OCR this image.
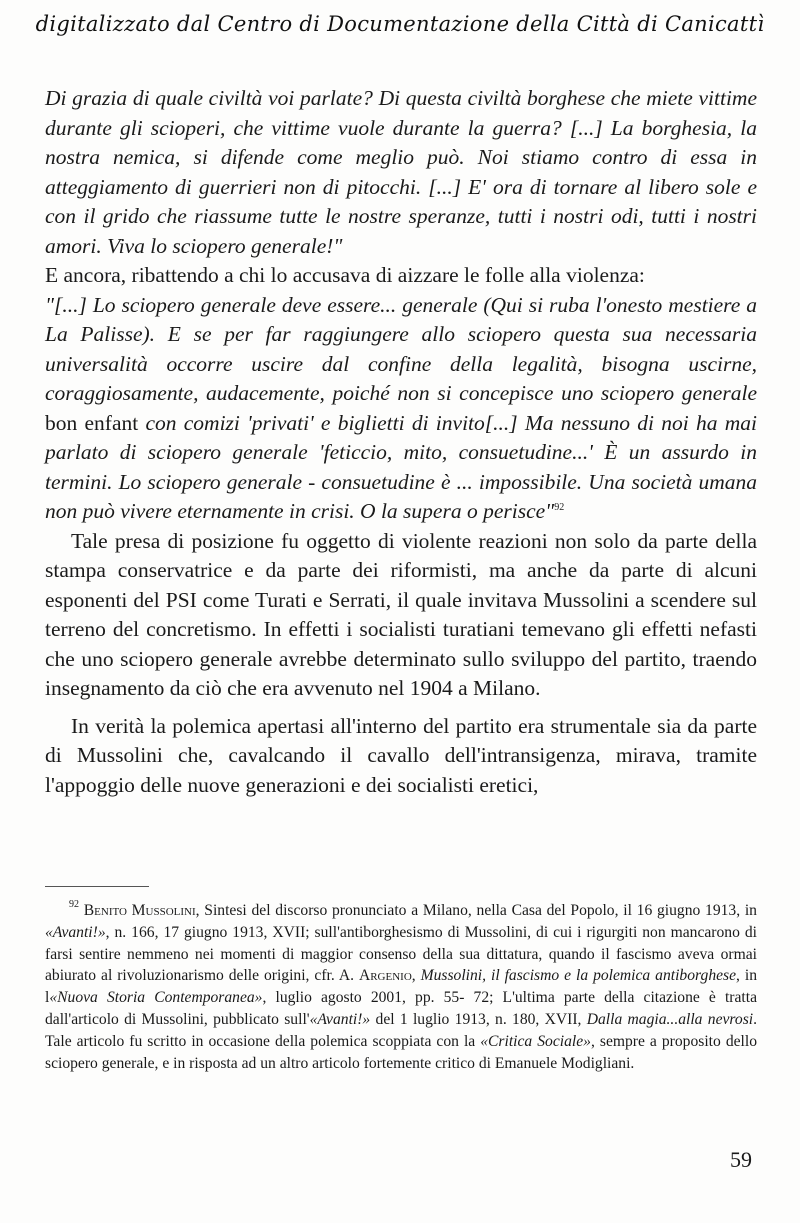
digitalizzato dal Centro di Documentazione della Città di Canicattì

Di grazia di quale civiltà voi parlate? Di questa civiltà borghese che miete vittime durante gli scioperi, che vittime vuole durante la guerra? [...] La borghesia, la nostra nemica, si difende come meglio può. Noi stiamo contro di essa in atteggiamento di guerrieri non di pitocchi. [...] E' ora di tornare al libero sole e con il grido che riassume tutte le nostre speranze, tutti i nostri odi, tutti i nostri amori. Viva lo sciopero generale!"

E ancora, ribattendo a chi lo accusava di aizzare le folle alla violenza:

"[...] Lo sciopero generale deve essere... generale (Qui si ruba l'onesto mestiere a La Palisse). E se per far raggiungere allo sciopero questa sua necessaria universalità occorre uscire dal confine della legalità, bisogna uscirne, coraggiosamente, audacemente, poiché non si concepisce uno sciopero generale bon enfant con comizi 'privati' e biglietti di invito[...] Ma nessuno di noi ha mai parlato di sciopero generale 'feticcio, mito, consuetudine...' È un assurdo in termini. Lo sciopero generale - consuetudine è ... impossibile. Una società umana non può vivere eternamente in crisi. O la supera o perisce"$^{92}$

Tale presa di posizione fu oggetto di violente reazioni non solo da parte della stampa conservatrice e da parte dei riformisti, ma anche da parte di alcuni esponenti del PSI come Turati e Serrati, il quale invitava Mussolini a scendere sul terreno del concretismo. In effetti i socialisti turatiani temevano gli effetti nefasti che uno sciopero generale avrebbe determinato sullo sviluppo del partito, traendo insegnamento da ciò che era avvenuto nel 1904 a Milano.

In verità la polemica apertasi all'interno del partito era strumentale sia da parte di Mussolini che, cavalcando il cavallo dell'intransigenza, mirava, tramite l'appoggio delle nuove generazioni e dei socialisti eretici,

$^{92}$ Benito Mussolini, Sintesi del discorso pronunciato a Milano, nella Casa del Popolo, il 16 giugno 1913, in «Avanti!», n. 166, 17 giugno 1913, XVII; sull'antiborghesismo di Mussolini, di cui i rigurgiti non mancarono di farsi sentire nemmeno nei momenti di maggior consenso della sua dittatura, quando il fascismo aveva ormai abiurato al rivoluzionarismo delle origini, cfr. A. Argenio, Mussolini, il fascismo e la polemica antiborghese, in l«Nuova Storia Contemporanea», luglio agosto 2001, pp. 55- 72; L'ultima parte della citazione è tratta dall'articolo di Mussolini, pubblicato sull'«Avanti!» del 1 luglio 1913, n. 180, XVII, Dalla magia...alla nevrosi. Tale articolo fu scritto in occasione della polemica scoppiata con la «Critica Sociale», sempre a proposito dello sciopero generale, e in risposta ad un altro articolo fortemente critico di Emanuele Modigliani.
59
